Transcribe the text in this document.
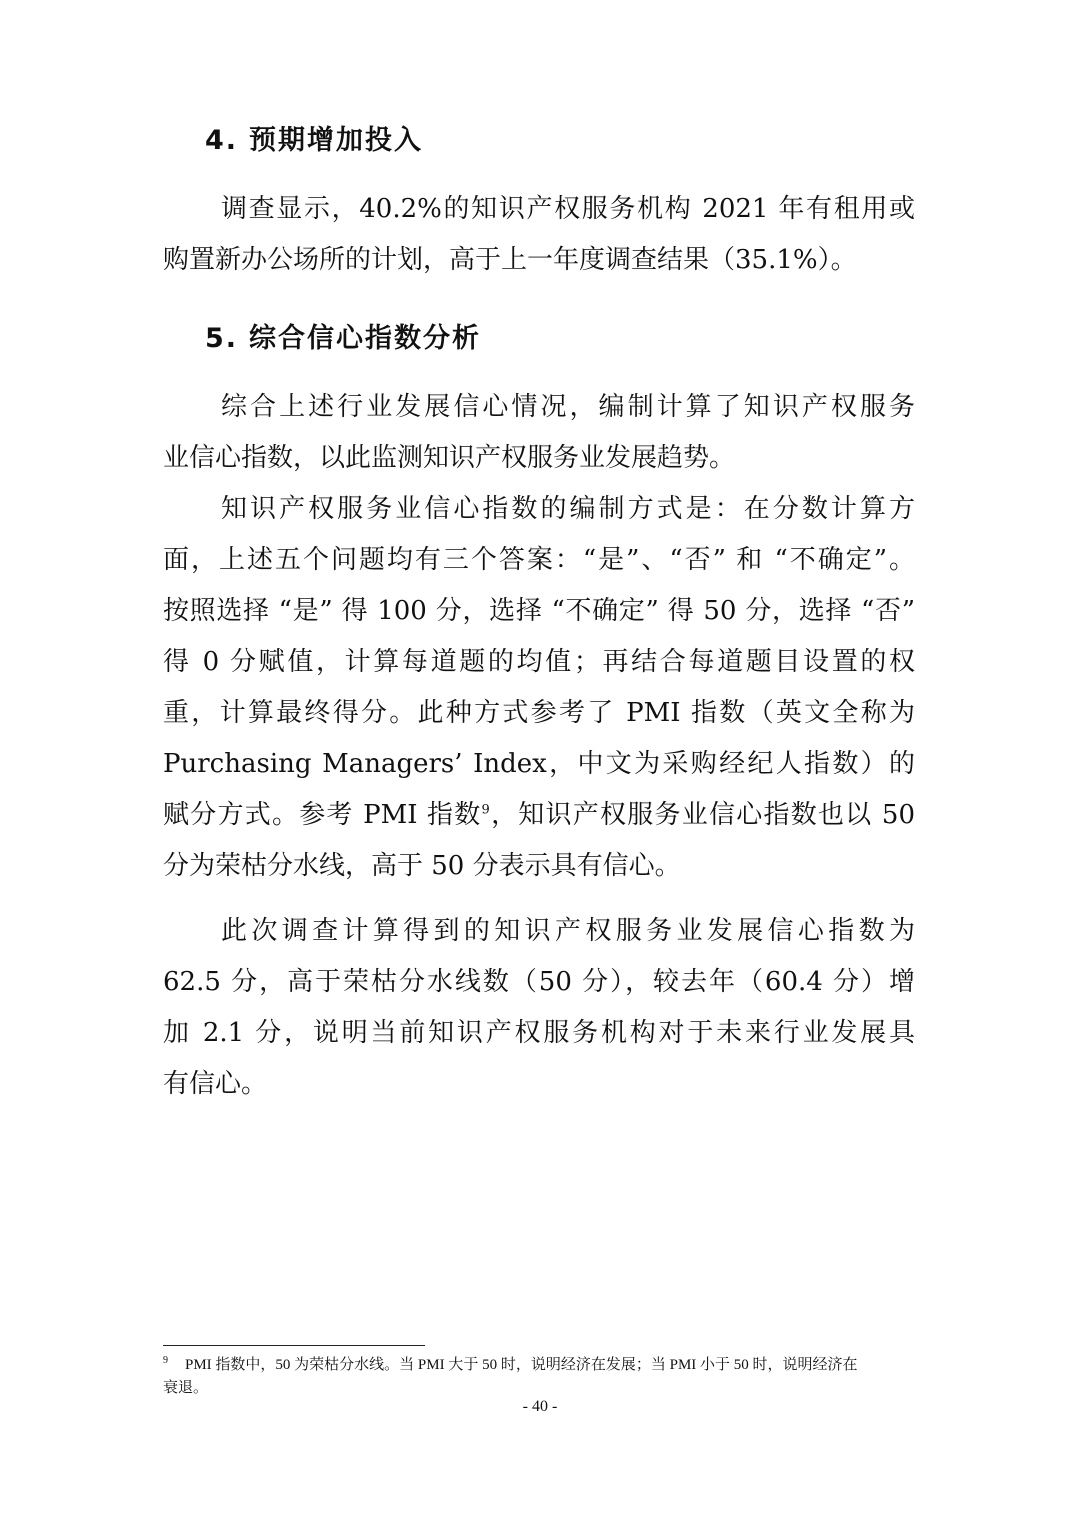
4. 预期增加投入

调查显示，40.2%的知识产权服务机构 2021 年有租用或
购置新办公场所的计划，高于上一年度调查结果（35.1%）。

5. 综合信心指数分析

综合上述行业发展信心情况，编制计算了知识产权服务
业信心指数，以此监测知识产权服务业发展趋势。

知识产权服务业信心指数的编制方式是：在分数计算方
面，上述五个问题均有三个答案：“是”、“否” 和 “不确定”。
按照选择 “是” 得 100 分，选择 “不确定” 得 50 分，选择 “否”
得 0 分赋值，计算每道题的均值；再结合每道题目设置的权
重，计算最终得分。此种方式参考了 PMI 指数（英文全称为
Purchasing Managers’ Index，中文为采购经纪人指数）的
赋分方式。参考 PMI 指数$^9$，知识产权服务业信心指数也以 50
分为荣枯分水线，高于 50 分表示具有信心。

此次调查计算得到的知识产权服务业发展信心指数为
62.5 分，高于荣枯分水线数（50 分），较去年（60.4 分）增
加 2.1 分，说明当前知识产权服务机构对于未来行业发展具
有信心。

9 PMI 指数中，50 为荣枯分水线。当 PMI 大于 50 时，说明经济在发展；当 PMI 小于 50 时，说明经济在
衰退。

- 40 -
